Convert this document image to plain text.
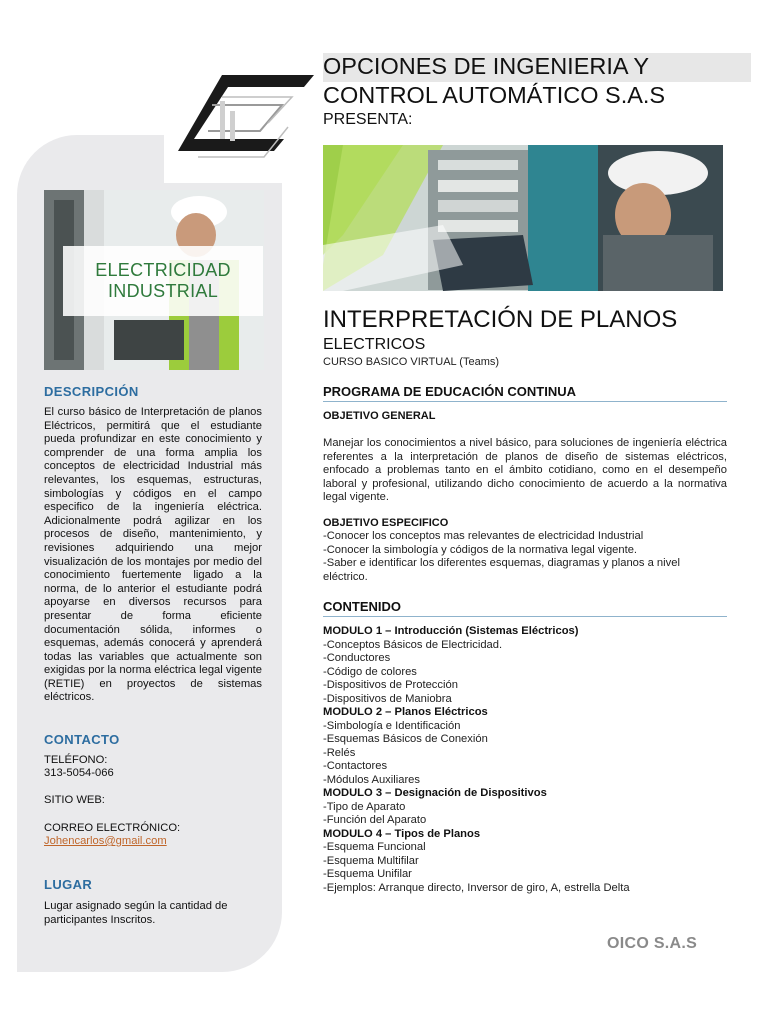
OPCIONES DE INGENIERIA Y
CONTROL AUTOMÁTICO S.A.S
PRESENTA:
ELECTRICIDAD
INDUSTRIAL
DESCRIPCIÓN
El curso básico de Interpretación de planos Eléctricos, permitirá que el estudiante pueda profundizar en este conocimiento y comprender de una forma amplia los conceptos de electricidad Industrial más relevantes, los esquemas, estructuras, simbologías y códigos en el campo especifico de la ingeniería eléctrica. Adicionalmente podrá agilizar en los procesos de diseño, mantenimiento, y revisiones adquiriendo una mejor visualización de los montajes por medio del conocimiento fuertemente ligado a la norma, de lo anterior el estudiante podrá apoyarse en diversos recursos para presentar de forma eficiente documentación sólida, informes o esquemas, además conocerá y aprenderá todas las variables que actualmente son exigidas por la norma eléctrica legal vigente (RETIE) en proyectos de sistemas eléctricos.
CONTACTO
TELÉFONO:
313-5054-066
SITIO WEB:
CORREO ELECTRÓNICO:
Johencarlos@gmail.com
LUGAR
Lugar asignado según la cantidad de participantes Inscritos.
INTERPRETACIÓN DE PLANOS
ELECTRICOS
CURSO BASICO VIRTUAL (Teams)
PROGRAMA DE EDUCACIÓN CONTINUA
OBJETIVO GENERAL
Manejar los conocimientos a nivel básico, para soluciones de ingeniería eléctrica referentes a la interpretación de planos de diseño de sistemas eléctricos, enfocado a problemas tanto en el ámbito cotidiano, como en el desempeño laboral y profesional, utilizando dicho conocimiento de acuerdo a la normativa legal vigente.
OBJETIVO ESPECIFICO
-Conocer los conceptos mas relevantes de electricidad Industrial
-Conocer la simbología y códigos de la normativa legal vigente.
-Saber e identificar los diferentes esquemas, diagramas y planos a nivel eléctrico.
CONTENIDO
MODULO 1 – Introducción (Sistemas Eléctricos)
-Conceptos Básicos de Electricidad.
-Conductores
-Código de colores
-Dispositivos de Protección
-Dispositivos de Maniobra
MODULO 2 – Planos Eléctricos
-Simbología e Identificación
-Esquemas Básicos de Conexión
-Relés
-Contactores
-Módulos Auxiliares
MODULO 3 – Designación de Dispositivos
-Tipo de Aparato
-Función del Aparato
MODULO 4 – Tipos de Planos
-Esquema Funcional
-Esquema Multifilar
-Esquema Unifilar
-Ejemplos: Arranque directo, Inversor de giro, A, estrella Delta
OICO S.A.S
